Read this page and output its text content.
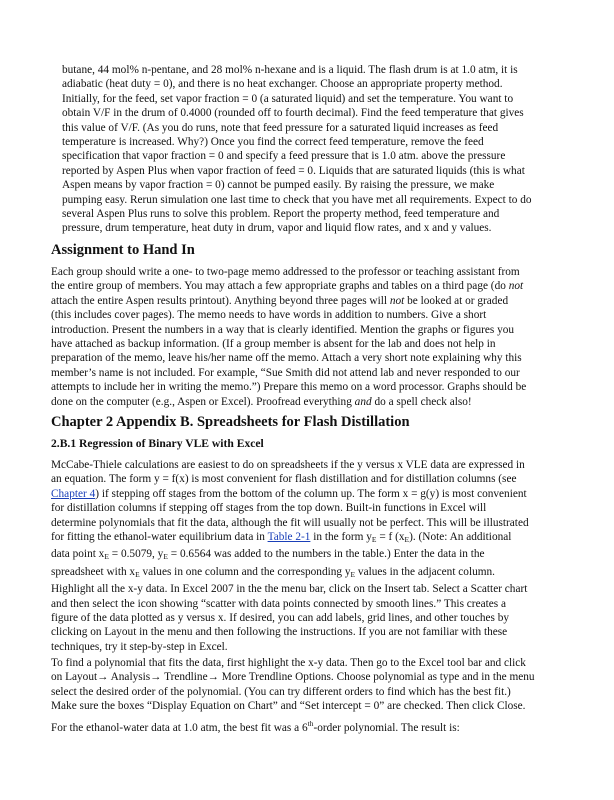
butane, 44 mol% n-pentane, and 28 mol% n-hexane and is a liquid. The flash drum is at 1.0 atm, it is
adiabatic (heat duty = 0), and there is no heat exchanger. Choose an appropriate property method.
Initially, for the feed, set vapor fraction = 0 (a saturated liquid) and set the temperature. You want to
obtain V/F in the drum of 0.4000 (rounded off to fourth decimal). Find the feed temperature that gives
this value of V/F. (As you do runs, note that feed pressure for a saturated liquid increases as feed
temperature is increased. Why?) Once you find the correct feed temperature, remove the feed
specification that vapor fraction = 0 and specify a feed pressure that is 1.0 atm. above the pressure
reported by Aspen Plus when vapor fraction of feed = 0. Liquids that are saturated liquids (this is what
Aspen means by vapor fraction = 0) cannot be pumped easily. By raising the pressure, we make
pumping easy. Rerun simulation one last time to check that you have met all requirements. Expect to do
several Aspen Plus runs to solve this problem. Report the property method, feed temperature and
pressure, drum temperature, heat duty in drum, vapor and liquid flow rates, and x and y values.
Assignment to Hand In
Each group should write a one- to two-page memo addressed to the professor or teaching assistant from
the entire group of members. You may attach a few appropriate graphs and tables on a third page (do not
attach the entire Aspen results printout). Anything beyond three pages will not be looked at or graded
(this includes cover pages). The memo needs to have words in addition to numbers. Give a short
introduction. Present the numbers in a way that is clearly identified. Mention the graphs or figures you
have attached as backup information. (If a group member is absent for the lab and does not help in
preparation of the memo, leave his/her name off the memo. Attach a very short note explaining why this
member’s name is not included. For example, “Sue Smith did not attend lab and never responded to our
attempts to include her in writing the memo.”) Prepare this memo on a word processor. Graphs should be
done on the computer (e.g., Aspen or Excel). Proofread everything and do a spell check also!
Chapter 2 Appendix B. Spreadsheets for Flash Distillation
2.B.1 Regression of Binary VLE with Excel
McCabe-Thiele calculations are easiest to do on spreadsheets if the y versus x VLE data are expressed in
an equation. The form y = f(x) is most convenient for flash distillation and for distillation columns (see
Chapter 4) if stepping off stages from the bottom of the column up. The form x = g(y) is most convenient
for distillation columns if stepping off stages from the top down. Built-in functions in Excel will
determine polynomials that fit the data, although the fit will usually not be perfect. This will be illustrated
for fitting the ethanol-water equilibrium data in Table 2-1 in the form $y_E = f$ $(x_E)$. (Note: An additional
data point $x_E = 0.5079$, $y_E = 0.6564$ was added to the numbers in the table.) Enter the data in the
spreadsheet with $x_E$ values in one column and the corresponding $y_E$ values in the adjacent column.
Highlight all the x-y data. In Excel 2007 in the the menu bar, click on the Insert tab. Select a Scatter chart
and then select the icon showing “scatter with data points connected by smooth lines.” This creates a
figure of the data plotted as y versus x. If desired, you can add labels, grid lines, and other touches by
clicking on Layout in the menu and then following the instructions. If you are not familiar with these
techniques, try it step-by-step in Excel.
To find a polynomial that fits the data, first highlight the x-y data. Then go to the Excel tool bar and click
on Layout→ Analysis→ Trendline→ More Trendline Options. Choose polynomial as type and in the menu
select the desired order of the polynomial. (You can try different orders to find which has the best fit.)
Make sure the boxes “Display Equation on Chart” and “Set intercept = 0” are checked. Then click Close.
For the ethanol-water data at 1.0 atm, the best fit was a 6th-order polynomial. The result is:
